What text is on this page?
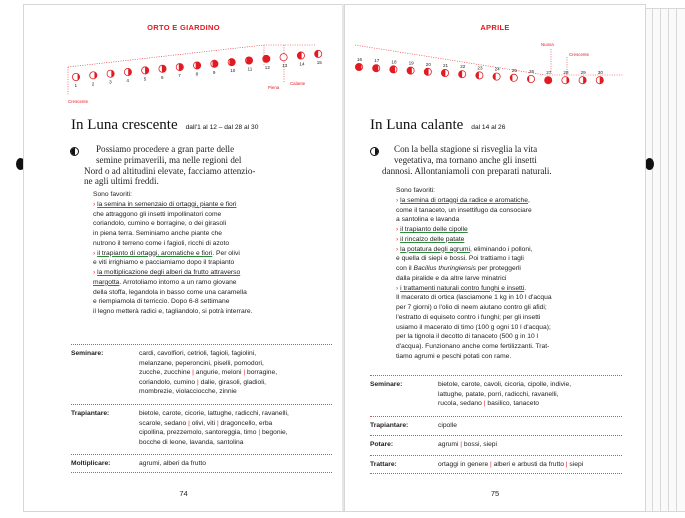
ORTO E GIARDINO
1	2	3	4	5	6	7	8	9	10	11	12	13	14	15
Crescente
Piena
Calante
In Luna crescente dall'1 al 12 – dal 28 al 30
Possiamo procedere a gran parte delle
semine primaverili, ma nelle regioni del
Nord o ad altitudini elevate, facciamo attenzio-
ne agli ultimi freddi.
Sono favoriti:
› la semina in semenzaio di ortaggi, piante e fiori
che attraggono gli insetti impollinatori come
coriandolo, cumino e borragine, o dei girasoli
in piena terra. Seminiamo anche piante che
nutrono il terreno come i fagioli, ricchi di azoto
› il trapianto di ortaggi, aromatiche e fiori. Per olivi
e viti irrighiamo e pacciamiamo dopo il trapianto
› la moltiplicazione degli alberi da frutto attraverso
margotta. Arrotoliamo intorno a un ramo giovane
della stoffa, legandola in basso come una caramella
e riempiamola di terriccio. Dopo 6-8 settimane
il legno metterà radici e, tagliandolo, si potrà interrare.
Seminare:	cardi, cavolfiori, cetrioli, fagioli, fagiolini,
melanzane, peperoncini, piselli, pomodori,
zucche, zucchine | angurie, meloni | borragine,
coriandolo, cumino | dalie, girasoli, gladioli,
mombrezie, violacciocche, zinnie
Trapiantare:	bietole, carote, cicorie, lattughe, radicchi, ravanelli,
scarole, sedano | olivi, viti | dragoncello, erba
cipollina, prezzemolo, santoreggia, timo | begonie,
bocche di leone, lavanda, santolina
Moltiplicare:	agrumi, alberi da frutto
74
APRILE
16	17	18	19	20	21	22	23	24	25	26	27	28	29	30
Nuova
Crescente
In Luna calante dal 14 al 26
Con la bella stagione si risveglia la vita
vegetativa, ma tornano anche gli insetti
dannosi. Allontaniamoli con preparati naturali.
Sono favoriti:
› la semina di ortaggi da radice e aromatiche,
come il tanaceto, un insettifugo da consociare
a santolina e lavanda
› il trapianto delle cipolle
› il rincalzo delle patate
› la potatura degli agrumi, eliminando i polloni,
e quella di siepi e bossi. Poi trattiamo i tagli
con il Bacillus thuringiensis per proteggerli
dalla piralide e da altre larve minatrici
› i trattamenti naturali contro funghi e insetti.
Il macerato di ortica (lasciamone 1 kg in 10 l d'acqua
per 7 giorni) o l'olio di neem aiutano contro gli afidi;
l'estratto di equiseto contro i funghi; per gli insetti
usiamo il macerato di timo (100 g ogni 10 l d'acqua);
per la tignola il decotto di tanaceto (500 g in 10 l
d'acqua). Funzionano anche come fertilizzanti. Trat-
tiamo agrumi e peschi potati con rame.
Seminare:	bietole, carote, cavoli, cicoria, cipolle, indivie,
lattughe, patate, porri, radicchi, ravanelli,
rucola, sedano | basilico, tanaceto
Trapiantare:	cipolle
Potare:	agrumi | bossi, siepi
Trattare:	ortaggi in genere | alberi e arbusti da frutto | siepi
75
